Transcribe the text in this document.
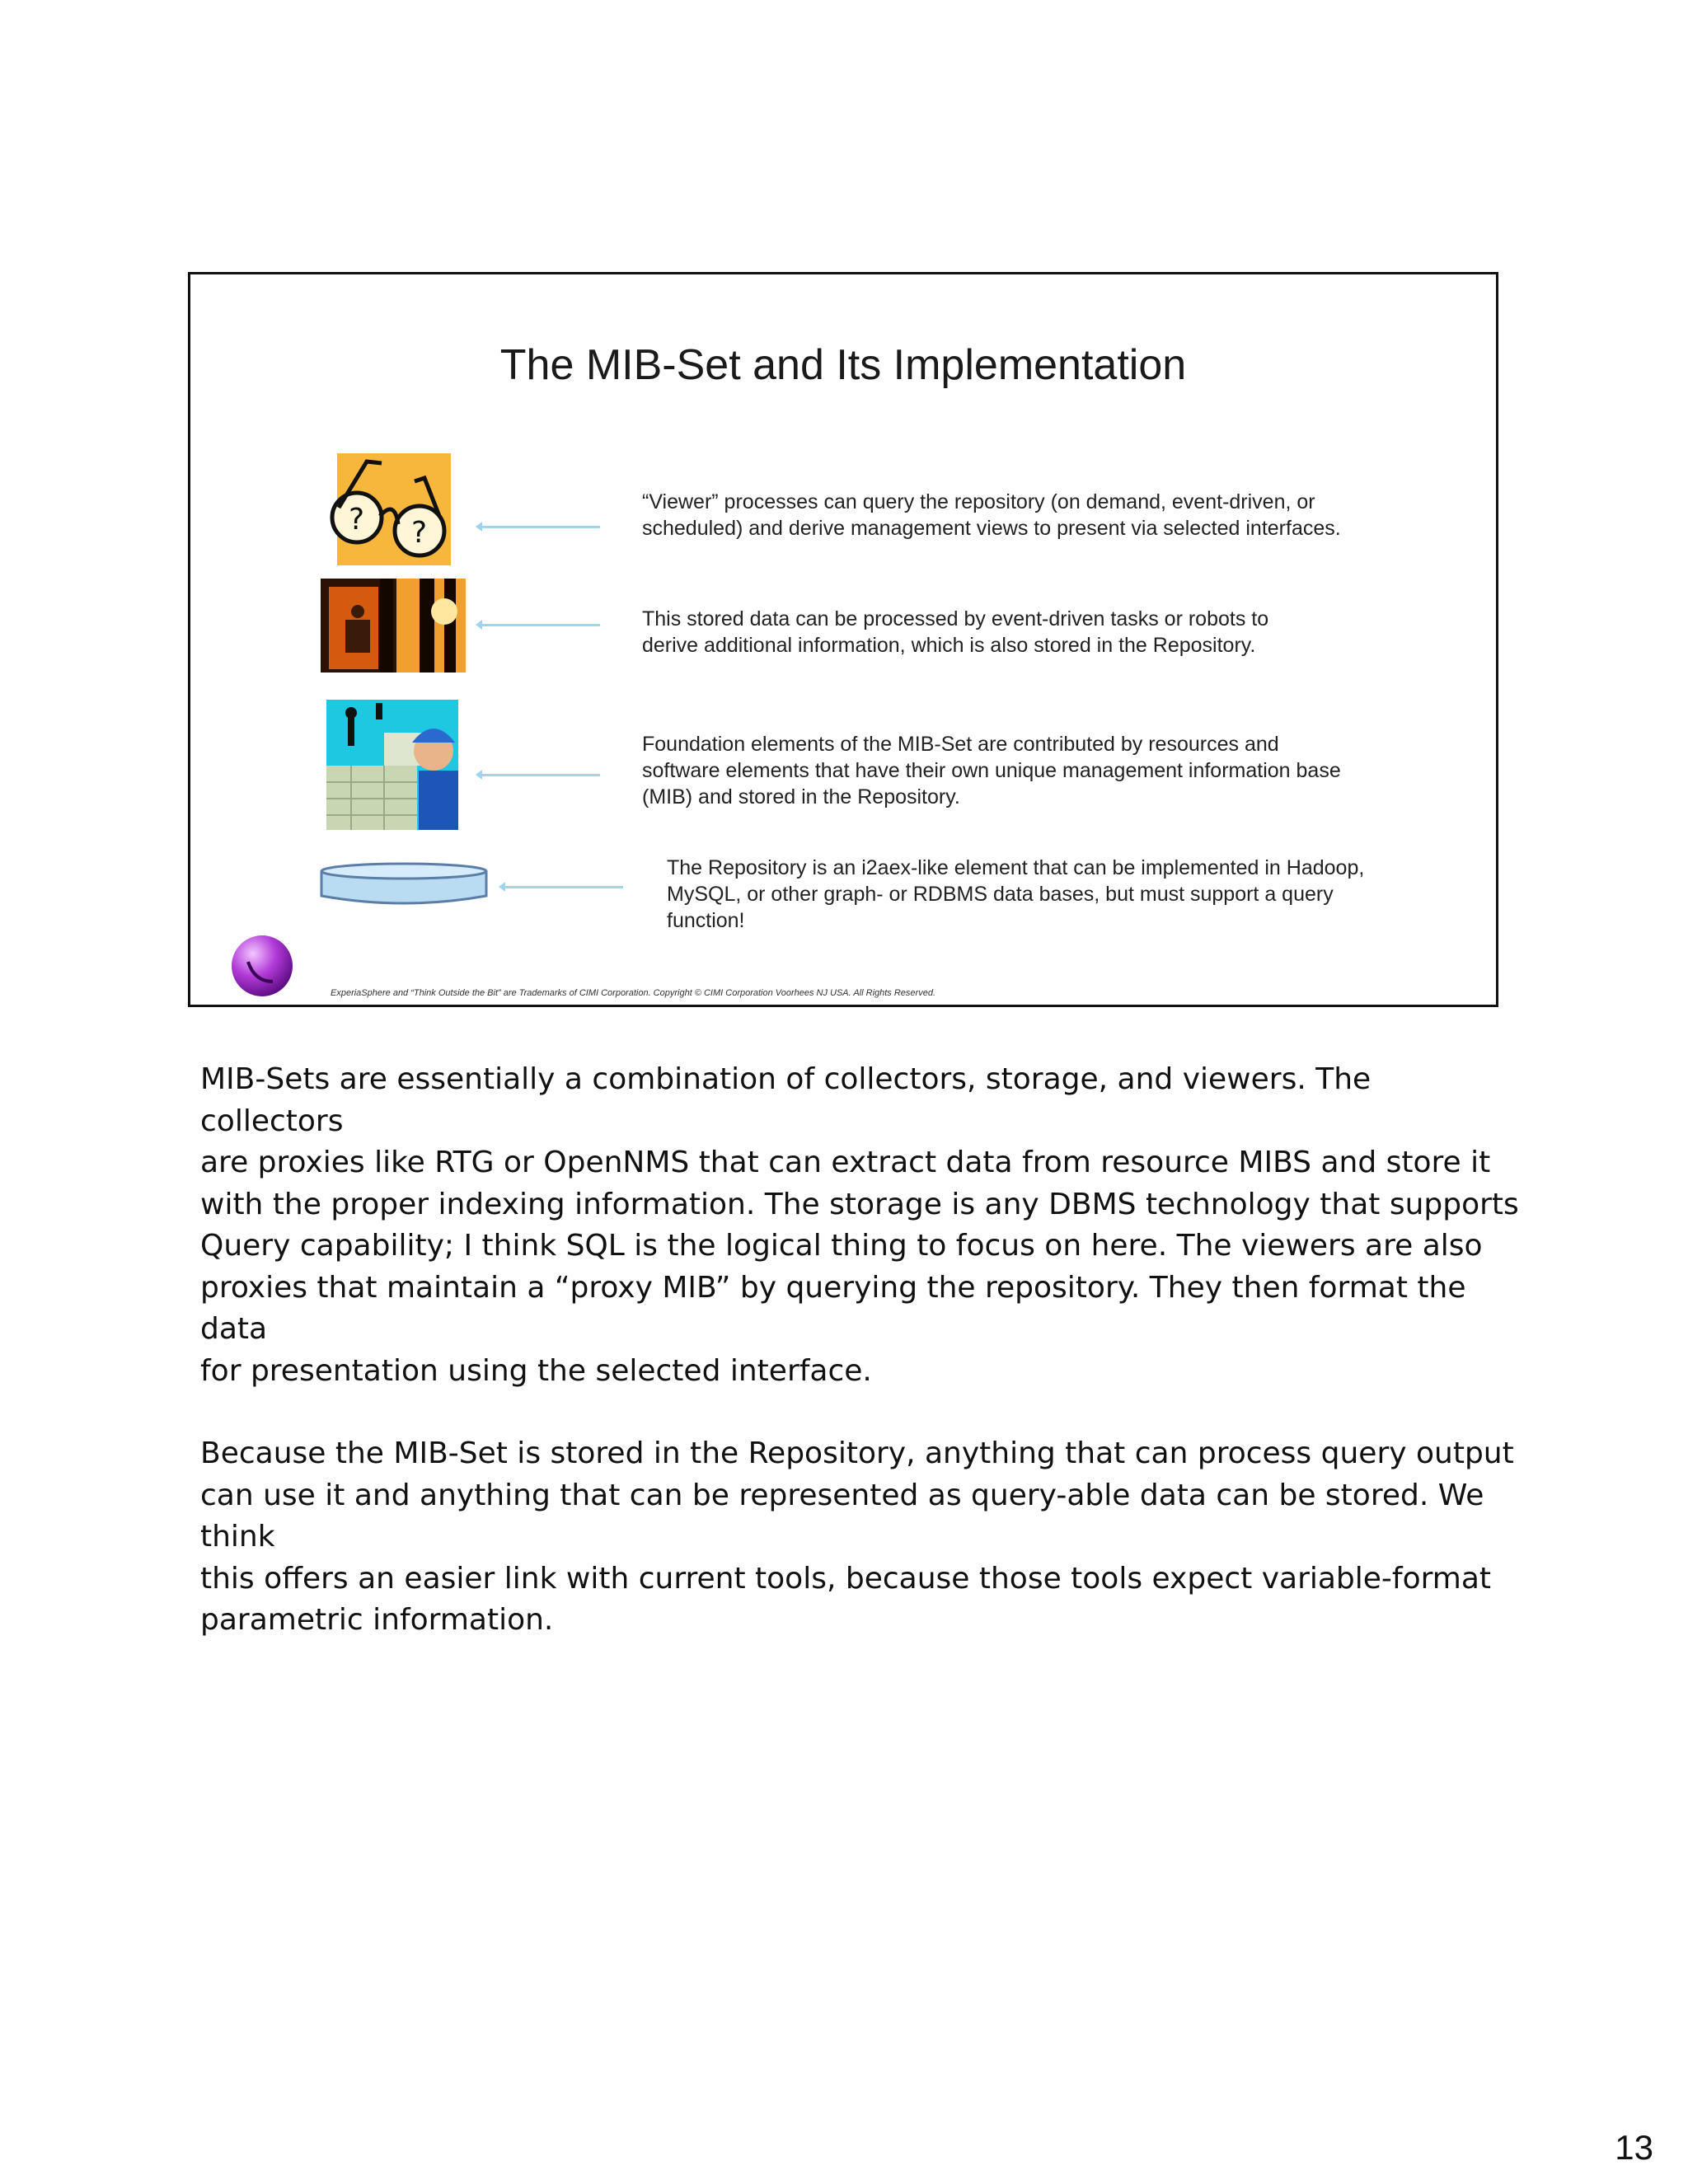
The MIB-Set and Its Implementation
? ?
“Viewer” processes can query the repository (on demand, event-driven, or
scheduled) and derive management views to present via selected interfaces.
This stored data can be processed by event-driven tasks or robots to
derive additional information, which is also stored in the Repository.
Foundation elements of the MIB-Set are contributed by resources and
software elements that have their own unique management information base
(MIB) and stored in the Repository.
The Repository is an i2aex-like element that can be implemented in Hadoop,
MySQL, or other graph- or RDBMS data bases, but must support a query
function!
ExperiaSphere and “Think Outside the Bit” are Trademarks of CIMI Corporation. Copyright © CIMI Corporation Voorhees NJ USA. All Rights Reserved.

MIB-Sets are essentially a combination of collectors, storage, and viewers. The collectors
are proxies like RTG or OpenNMS that can extract data from resource MIBS and store it
with the proper indexing information. The storage is any DBMS technology that supports
Query capability; I think SQL is the logical thing to focus on here. The viewers are also
proxies that maintain a “proxy MIB” by querying the repository. They then format the data
for presentation using the selected interface.

Because the MIB-Set is stored in the Repository, anything that can process query output
can use it and anything that can be represented as query-able data can be stored. We think
this offers an easier link with current tools, because those tools expect variable-format
parametric information.

13
